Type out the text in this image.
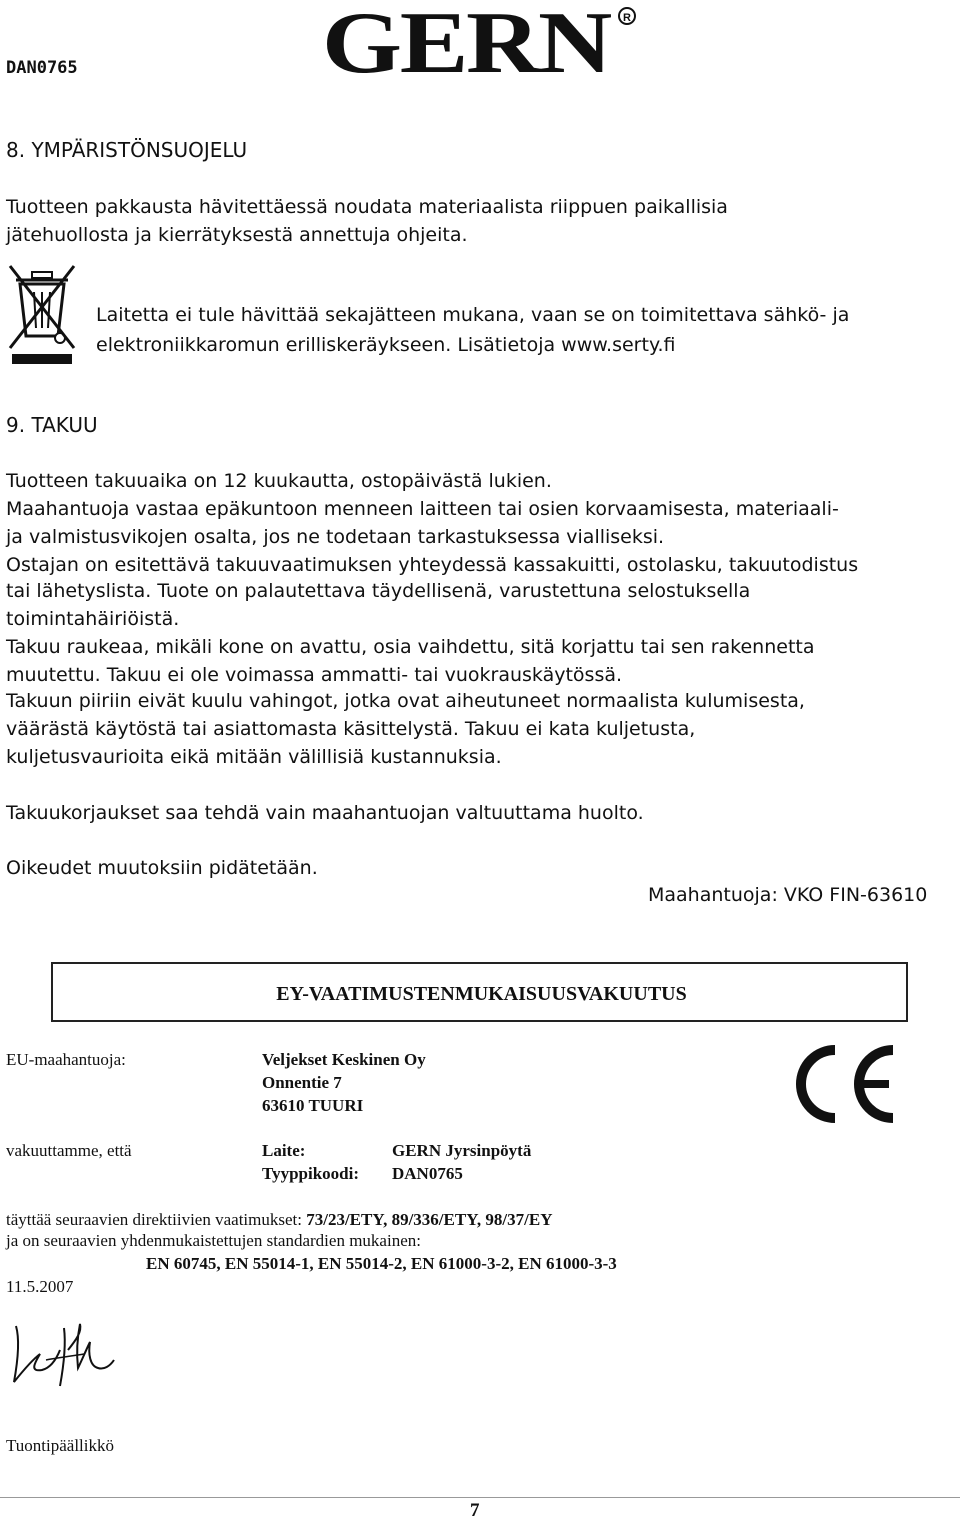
DAN0765	GERN R
8. YMPÄRISTÖNSUOJELU
Tuotteen pakkausta hävitettäessä noudata materiaalista riippuen paikallisia
jätehuollosta ja kierrätyksestä annettuja ohjeita.
Laitetta ei tule hävittää sekajätteen mukana, vaan se on toimitettava sähkö- ja
elektroniikkaromun erilliskeräykseen. Lisätietoja www.serty.fi
9. TAKUU
Tuotteen takuuaika on 12 kuukautta, ostopäivästä lukien.
Maahantuoja vastaa epäkuntoon menneen laitteen tai osien korvaamisesta, materiaali-
ja valmistusvikojen osalta, jos ne todetaan tarkastuksessa vialliseksi.
Ostajan on esitettävä takuuvaatimuksen yhteydessä kassakuitti, ostolasku, takuutodistus
tai lähetyslista. Tuote on palautettava täydellisenä, varustettuna selostuksella
toimintahäiriöistä.
Takuu raukeaa, mikäli kone on avattu, osia vaihdettu, sitä korjattu tai sen rakennetta
muutettu. Takuu ei ole voimassa ammatti- tai vuokrauskäytössä.
Takuun piiriin eivät kuulu vahingot, jotka ovat aiheutuneet normaalista kulumisesta,
väärästä käytöstä tai asiattomasta käsittelystä. Takuu ei kata kuljetusta,
kuljetusvaurioita eikä mitään välillisiä kustannuksia.
Takuukorjaukset saa tehdä vain maahantuojan valtuuttama huolto.
Oikeudet muutoksiin pidätetään.
Maahantuoja: VKO FIN-63610
EY-VAATIMUSTENMUKAISUUSVAKUUTUS
EU-maahantuoja:	Veljekset Keskinen Oy
Onnentie 7
63610 TUURI
vakuuttamme, että	Laite:	GERN Jyrsinpöytä
Tyyppikoodi: DAN0765
täyttää seuraavien direktiivien vaatimukset: 73/23/ETY, 89/336/ETY, 98/37/EY
ja on seuraavien yhdenmukaistettujen standardien mukainen:
EN 60745, EN 55014-1, EN 55014-2, EN 61000-3-2, EN 61000-3-3
11.5.2007
Tuontipäällikkö
7
